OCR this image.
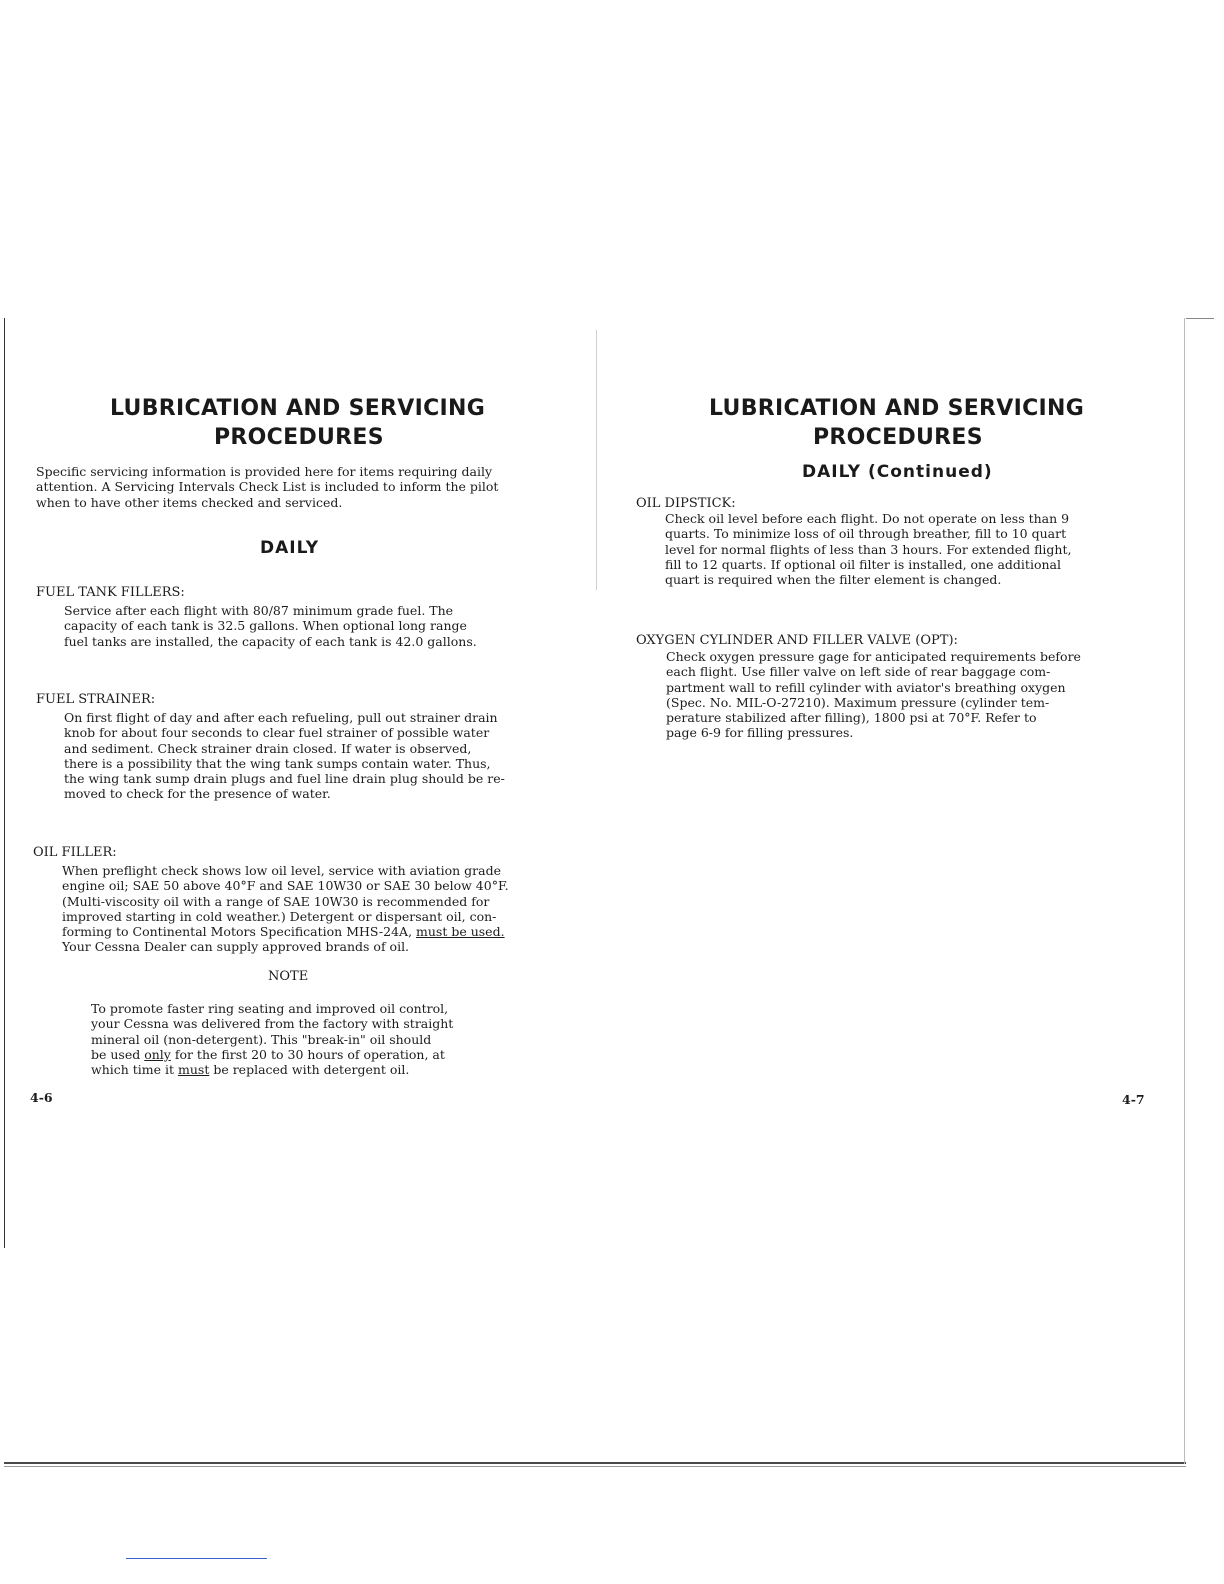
LUBRICATION AND SERVICING
PROCEDURES
Specific servicing information is provided here for items requiring daily
attention. A Servicing Intervals Check List is included to inform the pilot
when to have other items checked and serviced.
DAILY
FUEL TANK FILLERS:
Service after each flight with 80/87 minimum grade fuel. The
capacity of each tank is 32.5 gallons. When optional long range
fuel tanks are installed, the capacity of each tank is 42.0 gallons.
FUEL STRAINER:
On first flight of day and after each refueling, pull out strainer drain
knob for about four seconds to clear fuel strainer of possible water
and sediment. Check strainer drain closed. If water is observed,
there is a possibility that the wing tank sumps contain water. Thus,
the wing tank sump drain plugs and fuel line drain plug should be re-
moved to check for the presence of water.
OIL FILLER:
When preflight check shows low oil level, service with aviation grade
engine oil; SAE 50 above 40°F and SAE 10W30 or SAE 30 below 40°F.
(Multi-viscosity oil with a range of SAE 10W30 is recommended for
improved starting in cold weather.) Detergent or dispersant oil, con-
forming to Continental Motors Specification MHS-24A, must be used.
Your Cessna Dealer can supply approved brands of oil.
NOTE
To promote faster ring seating and improved oil control,
your Cessna was delivered from the factory with straight
mineral oil (non-detergent). This "break-in" oil should
be used only for the first 20 to 30 hours of operation, at
which time it must be replaced with detergent oil.
4-6
LUBRICATION AND SERVICING
PROCEDURES
DAILY (Continued)
OIL DIPSTICK:
Check oil level before each flight. Do not operate on less than 9
quarts. To minimize loss of oil through breather, fill to 10 quart
level for normal flights of less than 3 hours. For extended flight,
fill to 12 quarts. If optional oil filter is installed, one additional
quart is required when the filter element is changed.
OXYGEN CYLINDER AND FILLER VALVE (OPT):
Check oxygen pressure gage for anticipated requirements before
each flight. Use filler valve on left side of rear baggage com-
partment wall to refill cylinder with aviator's breathing oxygen
(Spec. No. MIL-O-27210). Maximum pressure (cylinder tem-
perature stabilized after filling), 1800 psi at 70°F. Refer to
page 6-9 for filling pressures.
4-7
